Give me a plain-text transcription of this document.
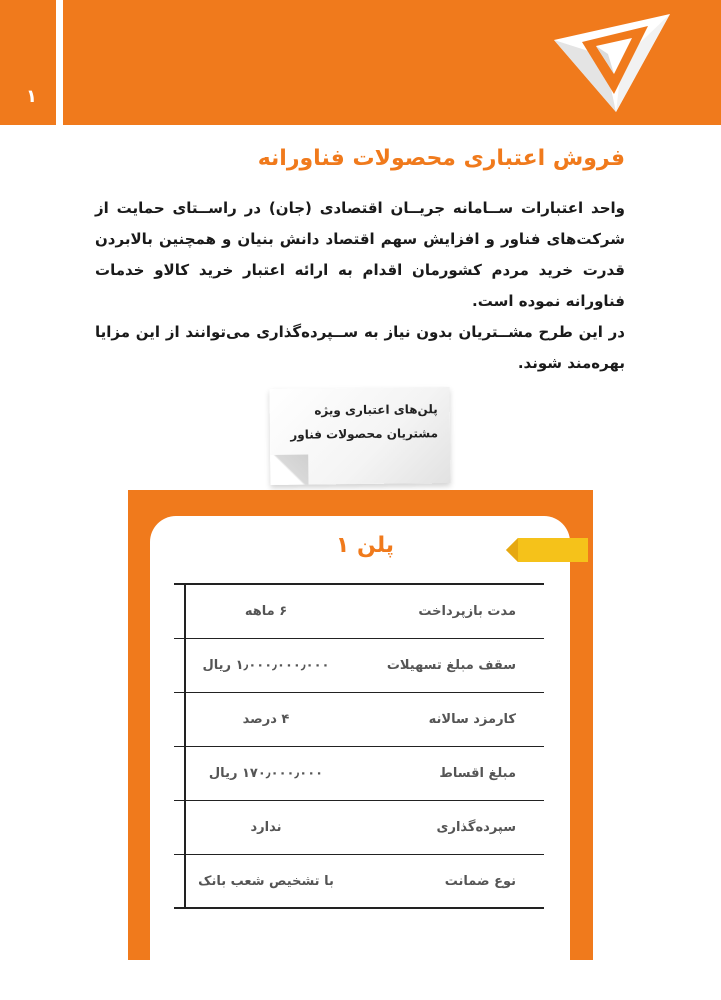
۱
فروش اعتباری محصولات فناورانه

واحد اعتبارات ســامانه جریــان اقتصادی (جان) در راســتای حمایت از شرکت‌های فناور و افزایش سهم اقتصاد دانش بنیان و همچنین بالابردن قدرت خرید مردم کشورمان اقدام به ارائه اعتبار خرید کالاو خدمات فناورانه نموده است.

در این طرح مشــتریان بدون نیاز به ســپرده‌گذاری می‌توانند از این مزایا بهره‌مند شوند.

پلن‌های اعتباری ویژه
مشتریان محصولات فناور
پلن ۱
مدت بازپرداخت
۶ ماهه
سقف مبلغ تسهیلات
۱٫۰۰۰٫۰۰۰٫۰۰۰ ریال
کارمزد سالانه
۴ درصد
مبلغ اقساط
۱۷۰٫۰۰۰٫۰۰۰ ریال
سپرده‌گذاری
ندارد
نوع ضمانت
با تشخیص شعب بانک
